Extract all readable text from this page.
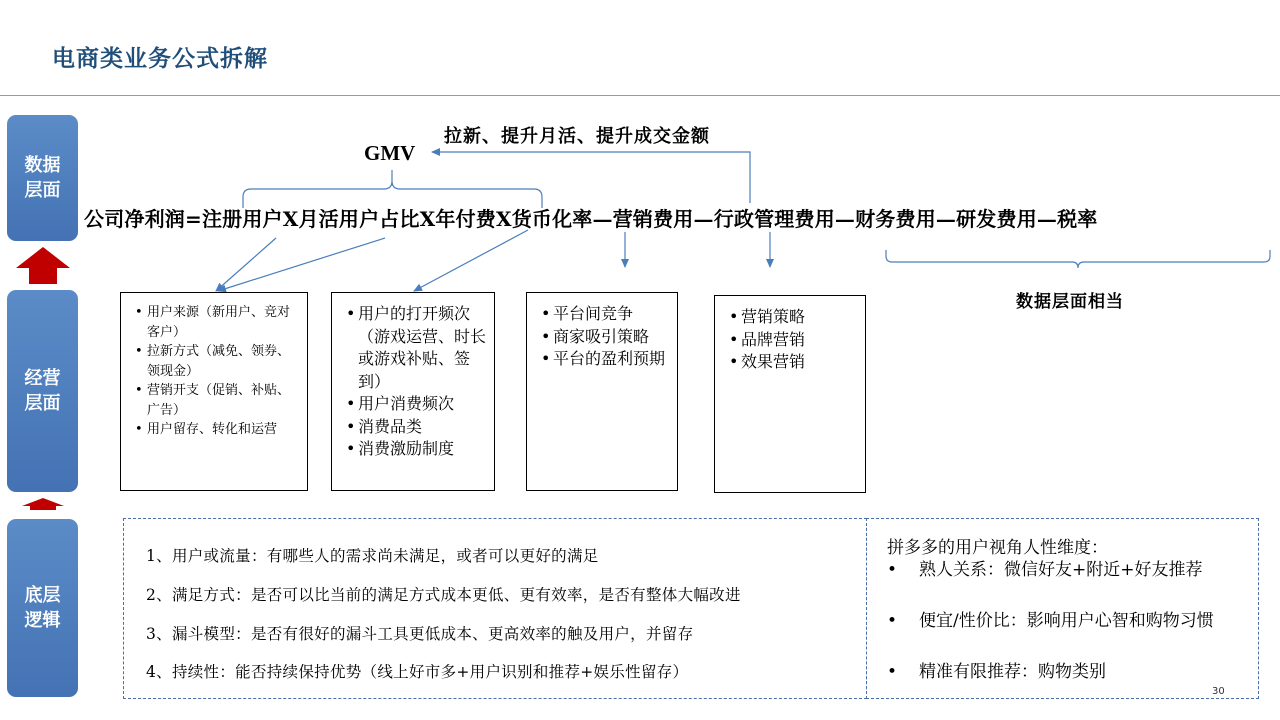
电商类业务公式拆解
数据层面
经营层面
底层逻辑
GMV
拉新、提升月活、提升成交金额
公司净利润=注册用户X月活用户占比X年付费X货币化率—营销费用—行政管理费用—财务费用—研发费用—税率
数据层面相当
• 用户来源（新用户、竞对客户）
• 拉新方式（减免、领券、领现金）
• 营销开支（促销、补贴、广告）
• 用户留存、转化和运营
• 用户的打开频次（游戏运营、时长或游戏补贴、签到）
• 用户消费频次
• 消费品类
• 消费激励制度
• 平台间竞争
• 商家吸引策略
• 平台的盈利预期
• 营销策略
• 品牌营销
• 效果营销
1、用户或流量：有哪些人的需求尚未满足，或者可以更好的满足
2、满足方式：是否可以比当前的满足方式成本更低、更有效率，是否有整体大幅改进
3、漏斗模型：是否有很好的漏斗工具更低成本、更高效率的触及用户，并留存
4、持续性：能否持续保持优势（线上好市多+用户识别和推荐+娱乐性留存）
拼多多的用户视角人性维度：
• 熟人关系：微信好友+附近+好友推荐
• 便宜/性价比：影响用户心智和购物习惯
• 精准有限推荐：购物类别
30
